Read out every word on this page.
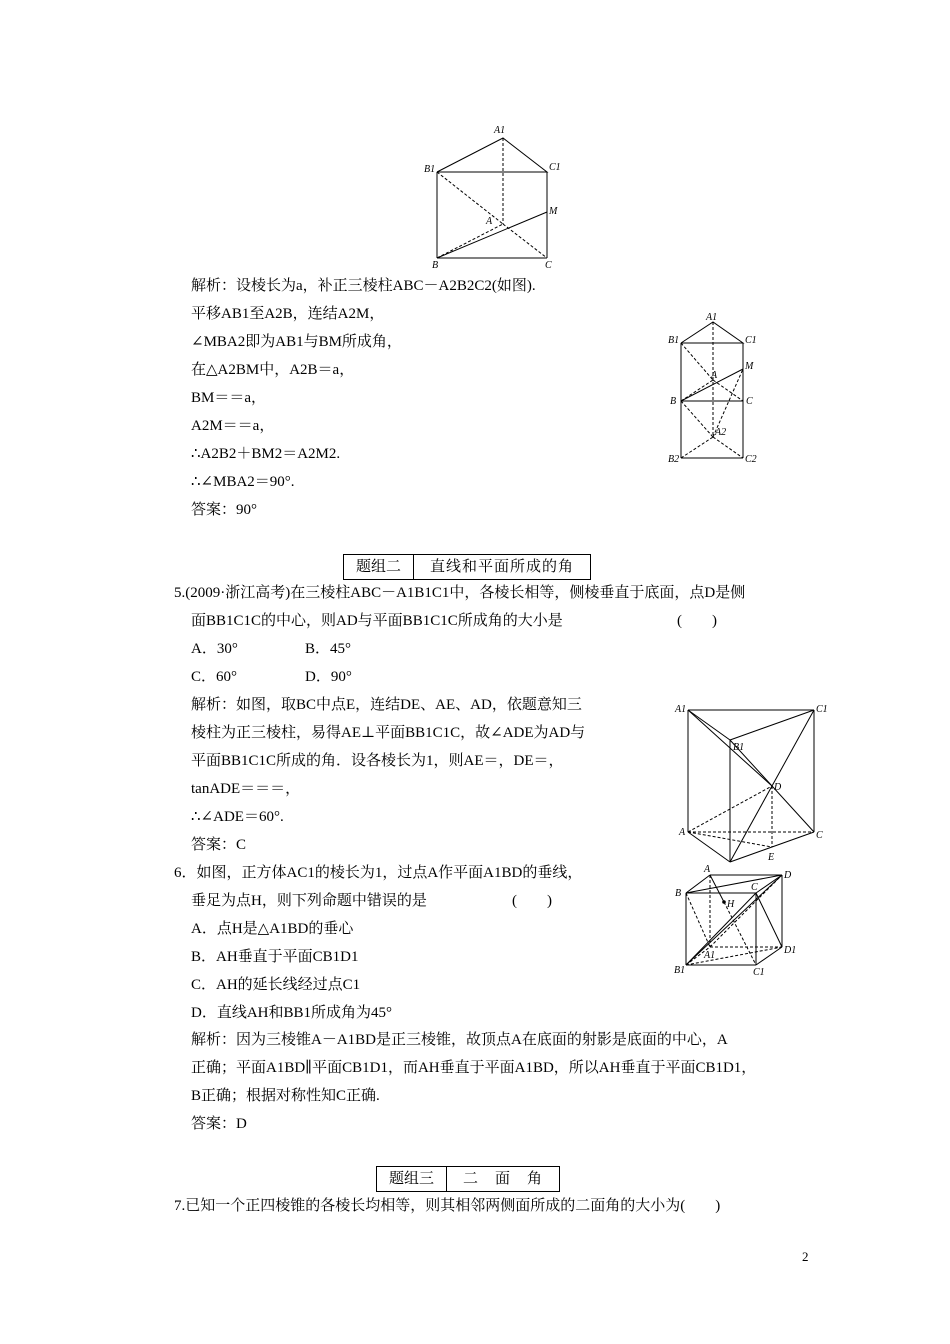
A1
B1	C1
A
M
B	C
A1
B1	C1
A
M
B	C
A2
B2	C2
A1	C1
B1
D
A	C
E
A
B
C
D
H
A1
B1	C1
D1
解析：设棱长为a，补正三棱柱ABC－A2B2C2(如图).
平移AB1至A2B，连结A2M，
∠MBA2即为AB1与BM所成角，
在△A2BM中，A2B＝a，
BM＝＝a，
A2M＝＝a，
∴A2B2＋BM2＝A2M2.
∴∠MBA2＝90°.
答案：90°
题组二	直线和平面所成的角
5.(2009·浙江高考)在三棱柱ABC－A1B1C1中，各棱长相等，侧棱垂直于底面，点D是侧
面BB1C1C的中心，则AD与平面BB1C1C所成角的大小是	(　　)
A．30°	B．45°
C．60°	D．90°
解析：如图，取BC中点E，连结DE、AE、AD，依题意知三
棱柱为正三棱柱，易得AE⊥平面BB1C1C，故∠ADE为AD与
平面BB1C1C所成的角．设各棱长为1，则AE＝，DE＝，
tanADE＝＝＝，
∴∠ADE＝60°.
答案：C
6．如图，正方体AC1的棱长为1，过点A作平面A1BD的垂线，
垂足为点H，则下列命题中错误的是	(　　)
A．点H是△A1BD的垂心
B．AH垂直于平面CB1D1
C．AH的延长线经过点C1
D．直线AH和BB1所成角为45°
解析：因为三棱锥A－A1BD是正三棱锥，故顶点A在底面的射影是底面的中心，A
正确；平面A1BD∥平面CB1D1，而AH垂直于平面A1BD，所以AH垂直于平面CB1D1，
B正确；根据对称性知C正确.
答案：D
题组三	二　面　角
7.已知一个正四棱锥的各棱长均相等，则其相邻两侧面所成的二面角的大小为(　　)
2
